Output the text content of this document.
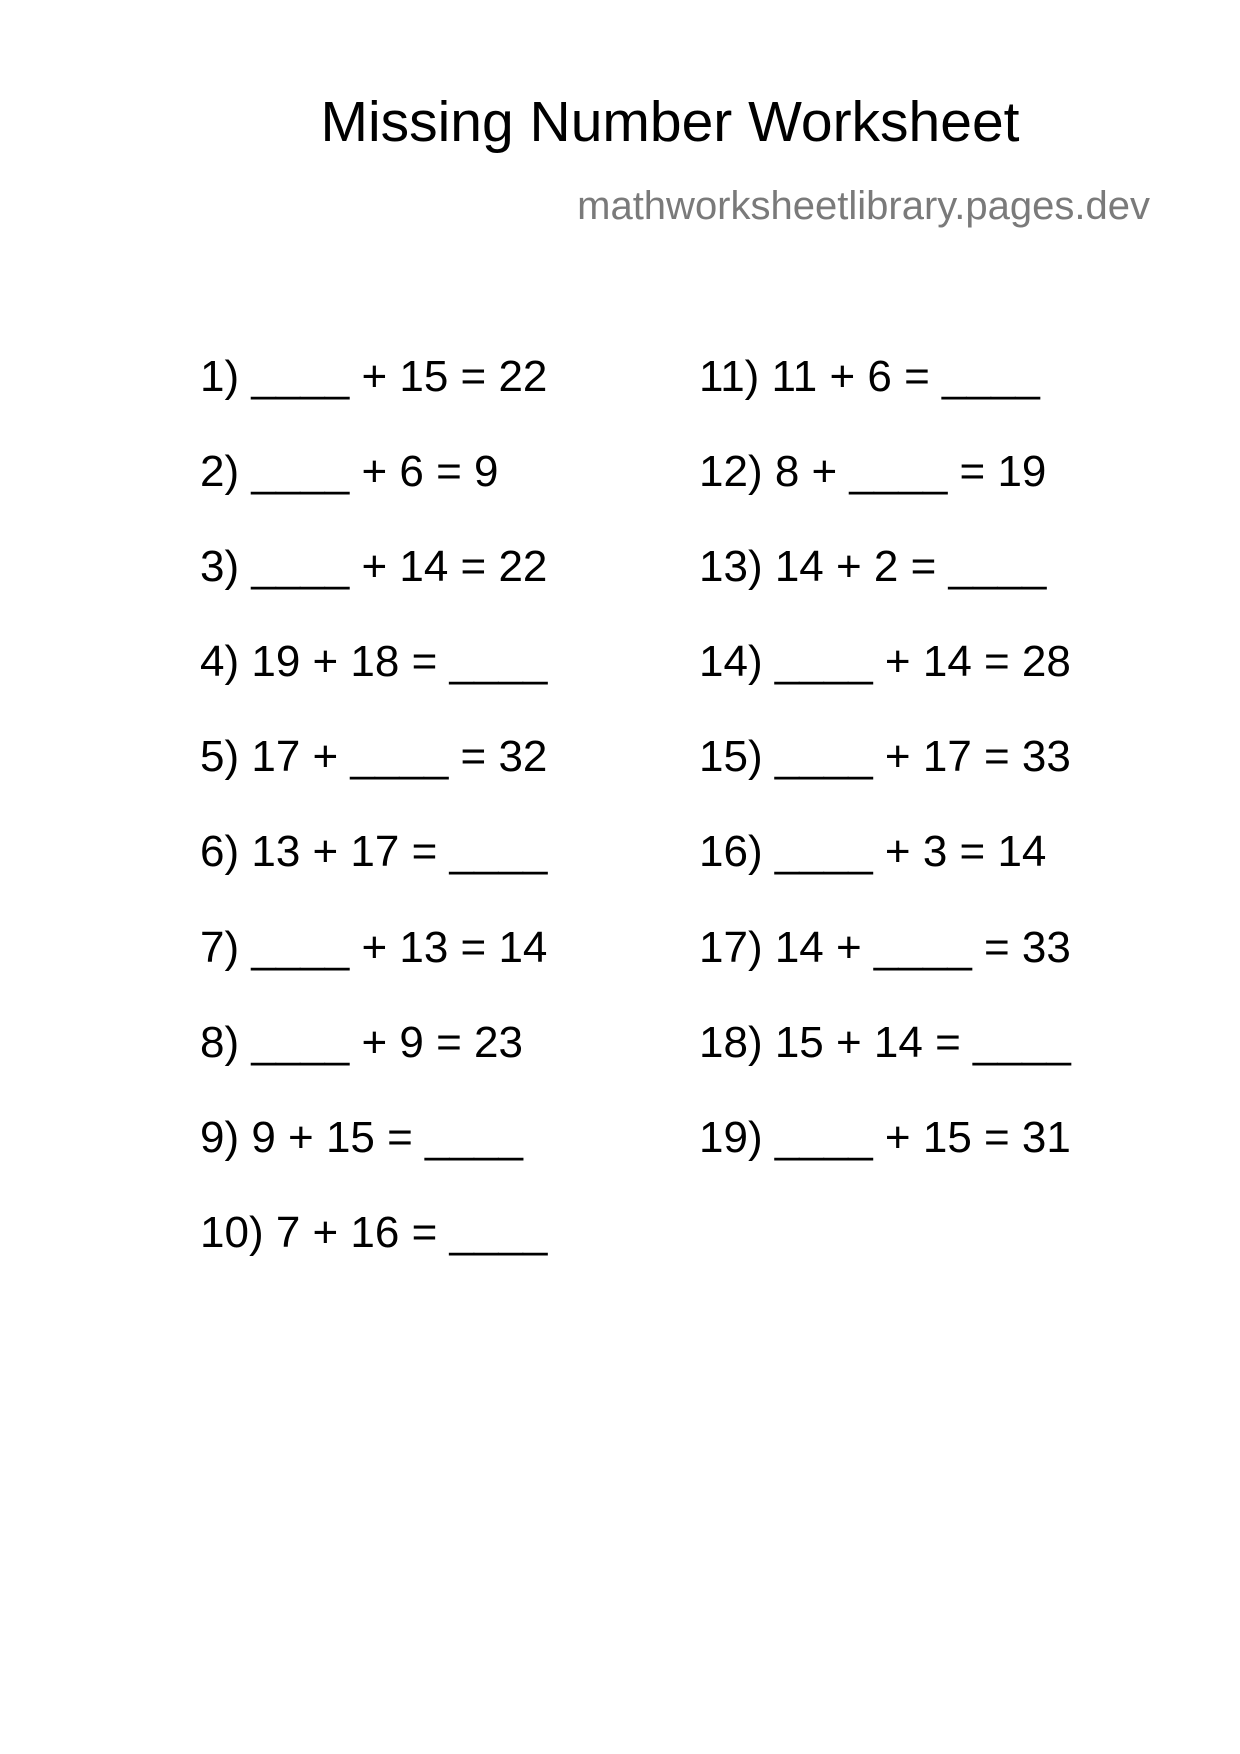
Missing Number Worksheet
mathworksheetlibrary.pages.dev
1) ____ + 15 = 22
2) ____ + 6 = 9
3) ____ + 14 = 22
4) 19 + 18 = ____
5) 17 + ____ = 32
6) 13 + 17 = ____
7) ____ + 13 = 14
8) ____ + 9 = 23
9) 9 + 15 = ____
10) 7 + 16 = ____
11) 11 + 6 = ____
12) 8 + ____ = 19
13) 14 + 2 = ____
14) ____ + 14 = 28
15) ____ + 17 = 33
16) ____ + 3 = 14
17) 14 + ____ = 33
18) 15 + 14 = ____
19) ____ + 15 = 31
